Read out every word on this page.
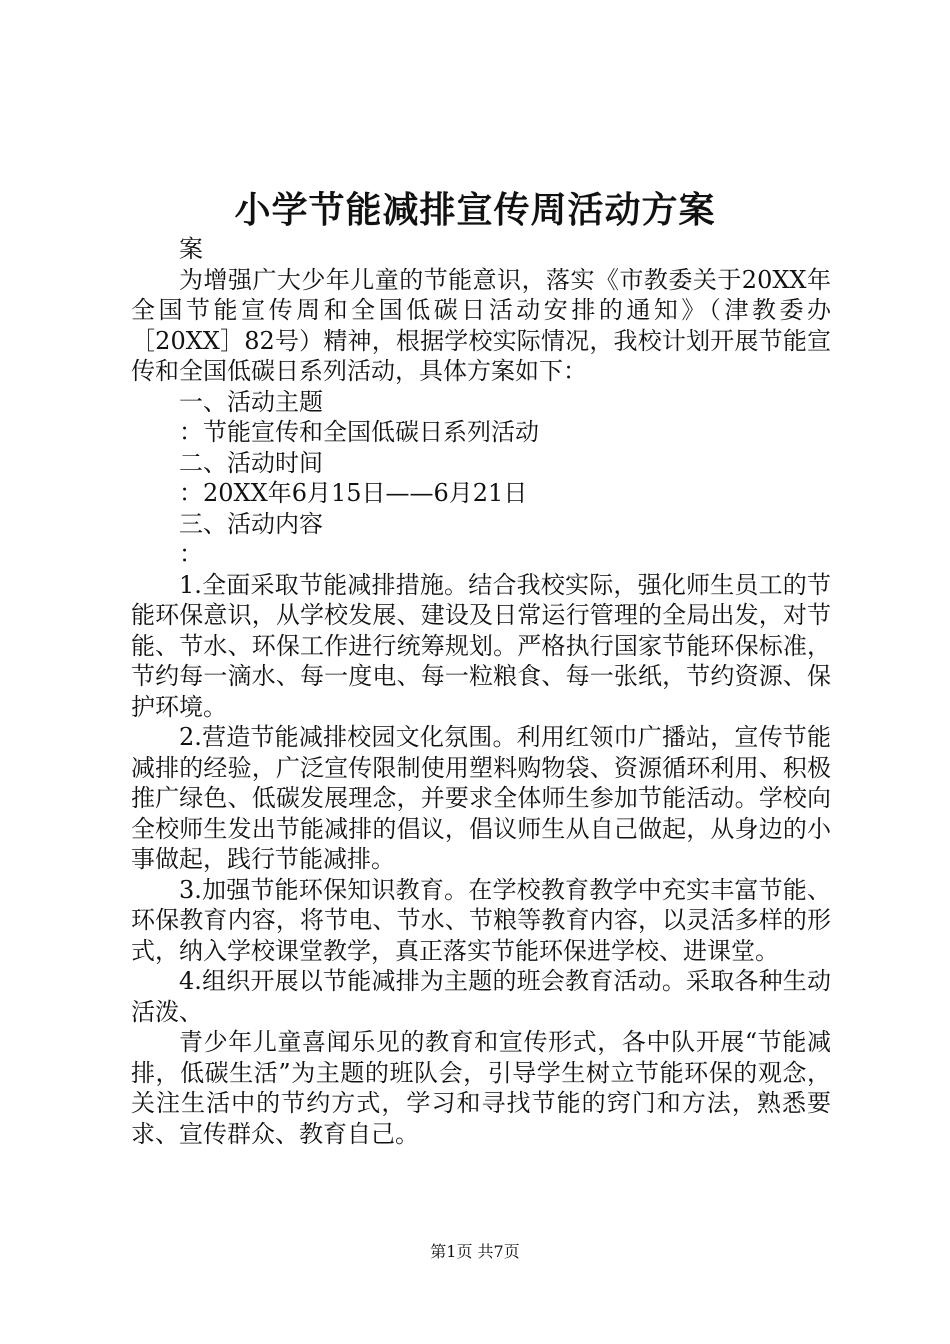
小学节能减排宣传周活动方案

案

为增强广大少年儿童的节能意识，落实《市教委关于20XX年全国节能宣传周和全国低碳日活动安排的通知》（津教委办［20XX］82号）精神，根据学校实际情况，我校计划开展节能宣传和全国低碳日系列活动，具体方案如下：

一、活动主题

：节能宣传和全国低碳日系列活动

二、活动时间

：20XX年6月15日——6月21日

三、活动内容

：

1.全面采取节能减排措施。结合我校实际，强化师生员工的节能环保意识，从学校发展、建设及日常运行管理的全局出发，对节能、节水、环保工作进行统筹规划。严格执行国家节能环保标准，节约每一滴水、每一度电、每一粒粮食、每一张纸，节约资源、保护环境。

2.营造节能减排校园文化氛围。利用红领巾广播站，宣传节能减排的经验，广泛宣传限制使用塑料购物袋、资源循环利用、积极推广绿色、低碳发展理念，并要求全体师生参加节能活动。学校向全校师生发出节能减排的倡议，倡议师生从自己做起，从身边的小事做起，践行节能减排。

3.加强节能环保知识教育。在学校教育教学中充实丰富节能、环保教育内容，将节电、节水、节粮等教育内容，以灵活多样的形式，纳入学校课堂教学，真正落实节能环保进学校、进课堂。

4.组织开展以节能减排为主题的班会教育活动。采取各种生动活泼、

青少年儿童喜闻乐见的教育和宣传形式，各中队开展“节能减排，低碳生活”为主题的班队会，引导学生树立节能环保的观念，关注生活中的节约方式，学习和寻找节能的窍门和方法，熟悉要求、宣传群众、教育自己。

第1页 共7页
